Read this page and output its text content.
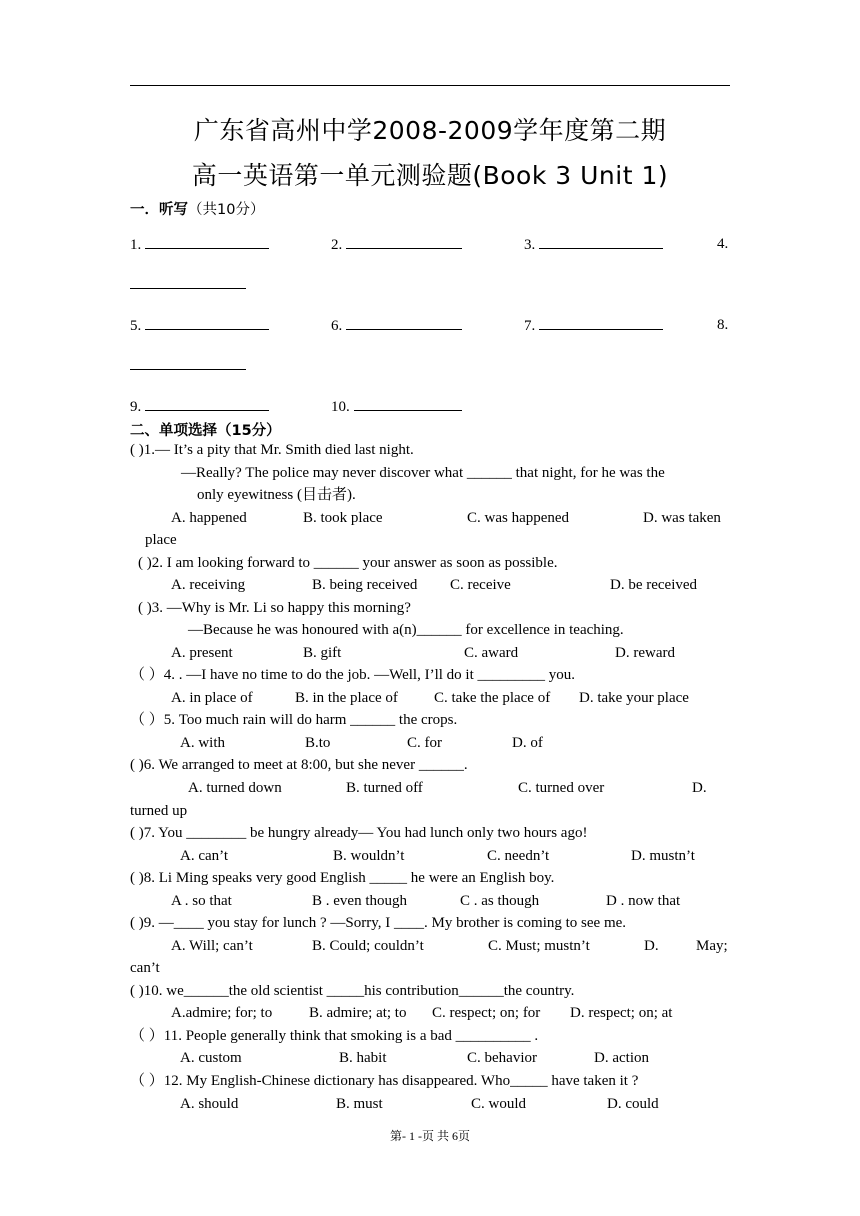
广东省高州中学2008-2009学年度第二期
高一英语第一单元测验题(Book 3 Unit 1)
一．听写（共10分）
1.	2.	3.	4.
5.	6.	7.	8.
9.	10.
二、单项选择（15分）
( )1.— It’s a pity that Mr. Smith died last night.
—Really? The police may never discover what ______ that night, for he was the
only eyewitness (目击者).
A. happened	B. took place	C. was happened	D. was taken
place
( )2. I am looking forward to ______ your answer as soon as possible.
A. receiving	B. being received C. receive	D. be received
( )3. —Why is Mr. Li so happy this morning?
—Because he was honoured with a(n)______ for excellence in teaching.
A. present	B. gift	C. award	D. reward
（ ）4. . —I have no time to do the job. —Well, I’ll do it _________ you.
A. in place of	B. in the place of C. take the place of D. take your place
（ ）5. Too much rain will do harm ______ the crops.
A. with	B.to	C. for	D. of
( )6. We arranged to meet at 8:00, but she never ______.
A. turned down	B. turned off	C. turned over	D.
turned up
( )7. You ________ be hungry already— You had lunch only two hours ago!
A. can’t	B. wouldn’t	C. needn’t	D. mustn’t
( )8. Li Ming speaks very good English _____ he were an English boy.
A . so that	B . even though	C . as though	D . now that
( )9. —____ you stay for lunch ? —Sorry, I ____. My brother is coming to see me.
A. Will; can’t	B. Could; couldn’t	C. Must; mustn’t	D. May;
can’t
( )10. we______the old scientist _____his contribution______the country.
A.admire; for; to B. admire; at; to C. respect; on; for D. respect; on; at
（ ）11. People generally think that smoking is a bad __________ .
A. custom	B. habit	C. behavior	D. action
（ ）12. My English-Chinese dictionary has disappeared. Who_____ have taken it ?
A. should	B. must	C. would	D. could
第- 1 -页 共 6页
